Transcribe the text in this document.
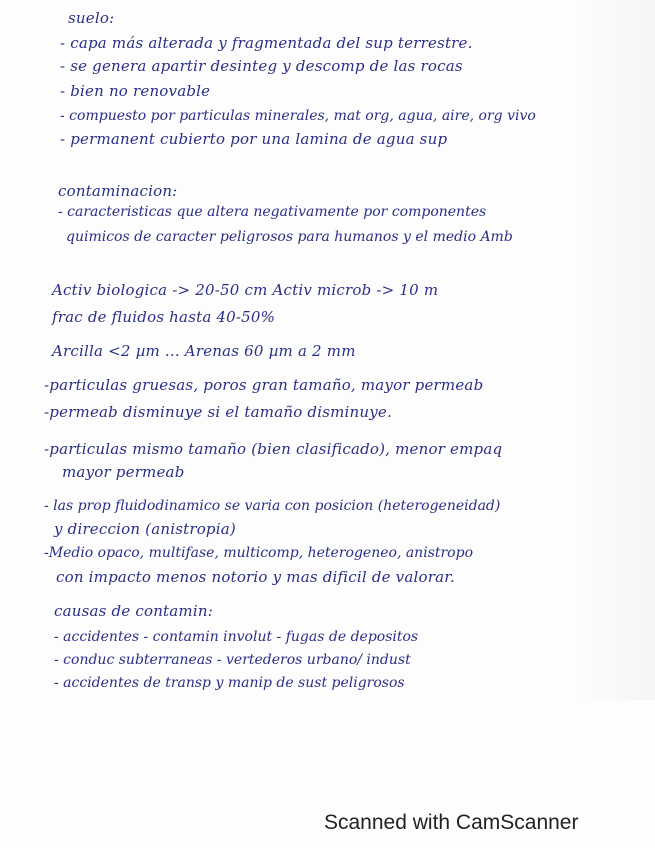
suelo:
- capa más alterada y fragmentada del sup terrestre.
- se genera apartir desinteg y descomp de las rocas
- bien no renovable
- compuesto por particulas minerales, mat org, agua, aire, org vivo
- permanent cubierto por una lamina de agua sup
contaminacion:
- caracteristicas que altera negativamente por componentes
quimicos de caracter peligrosos para humanos y el medio Amb
Activ biologica -> 20-50 cm Activ microb -> 10 m
frac de fluidos hasta 40-50%
Arcilla <2 µm ... Arenas 60 µm a 2 mm
-particulas gruesas, poros gran tamaño, mayor permeab
-permeab disminuye si el tamaño disminuye.
-particulas mismo tamaño (bien clasificado), menor empaq
mayor permeab
- las prop fluidodinamico se varia con posicion (heterogeneidad)
y direccion (anistropia)
-Medio opaco, multifase, multicomp, heterogeneo, anistropo
con impacto menos notorio y mas dificil de valorar.
causas de contamin:
- accidentes - contamin involut - fugas de depositos
- conduc subterraneas - vertederos urbano/ indust
- accidentes de transp y manip de sust peligrosos
Scanned with CamScanner
